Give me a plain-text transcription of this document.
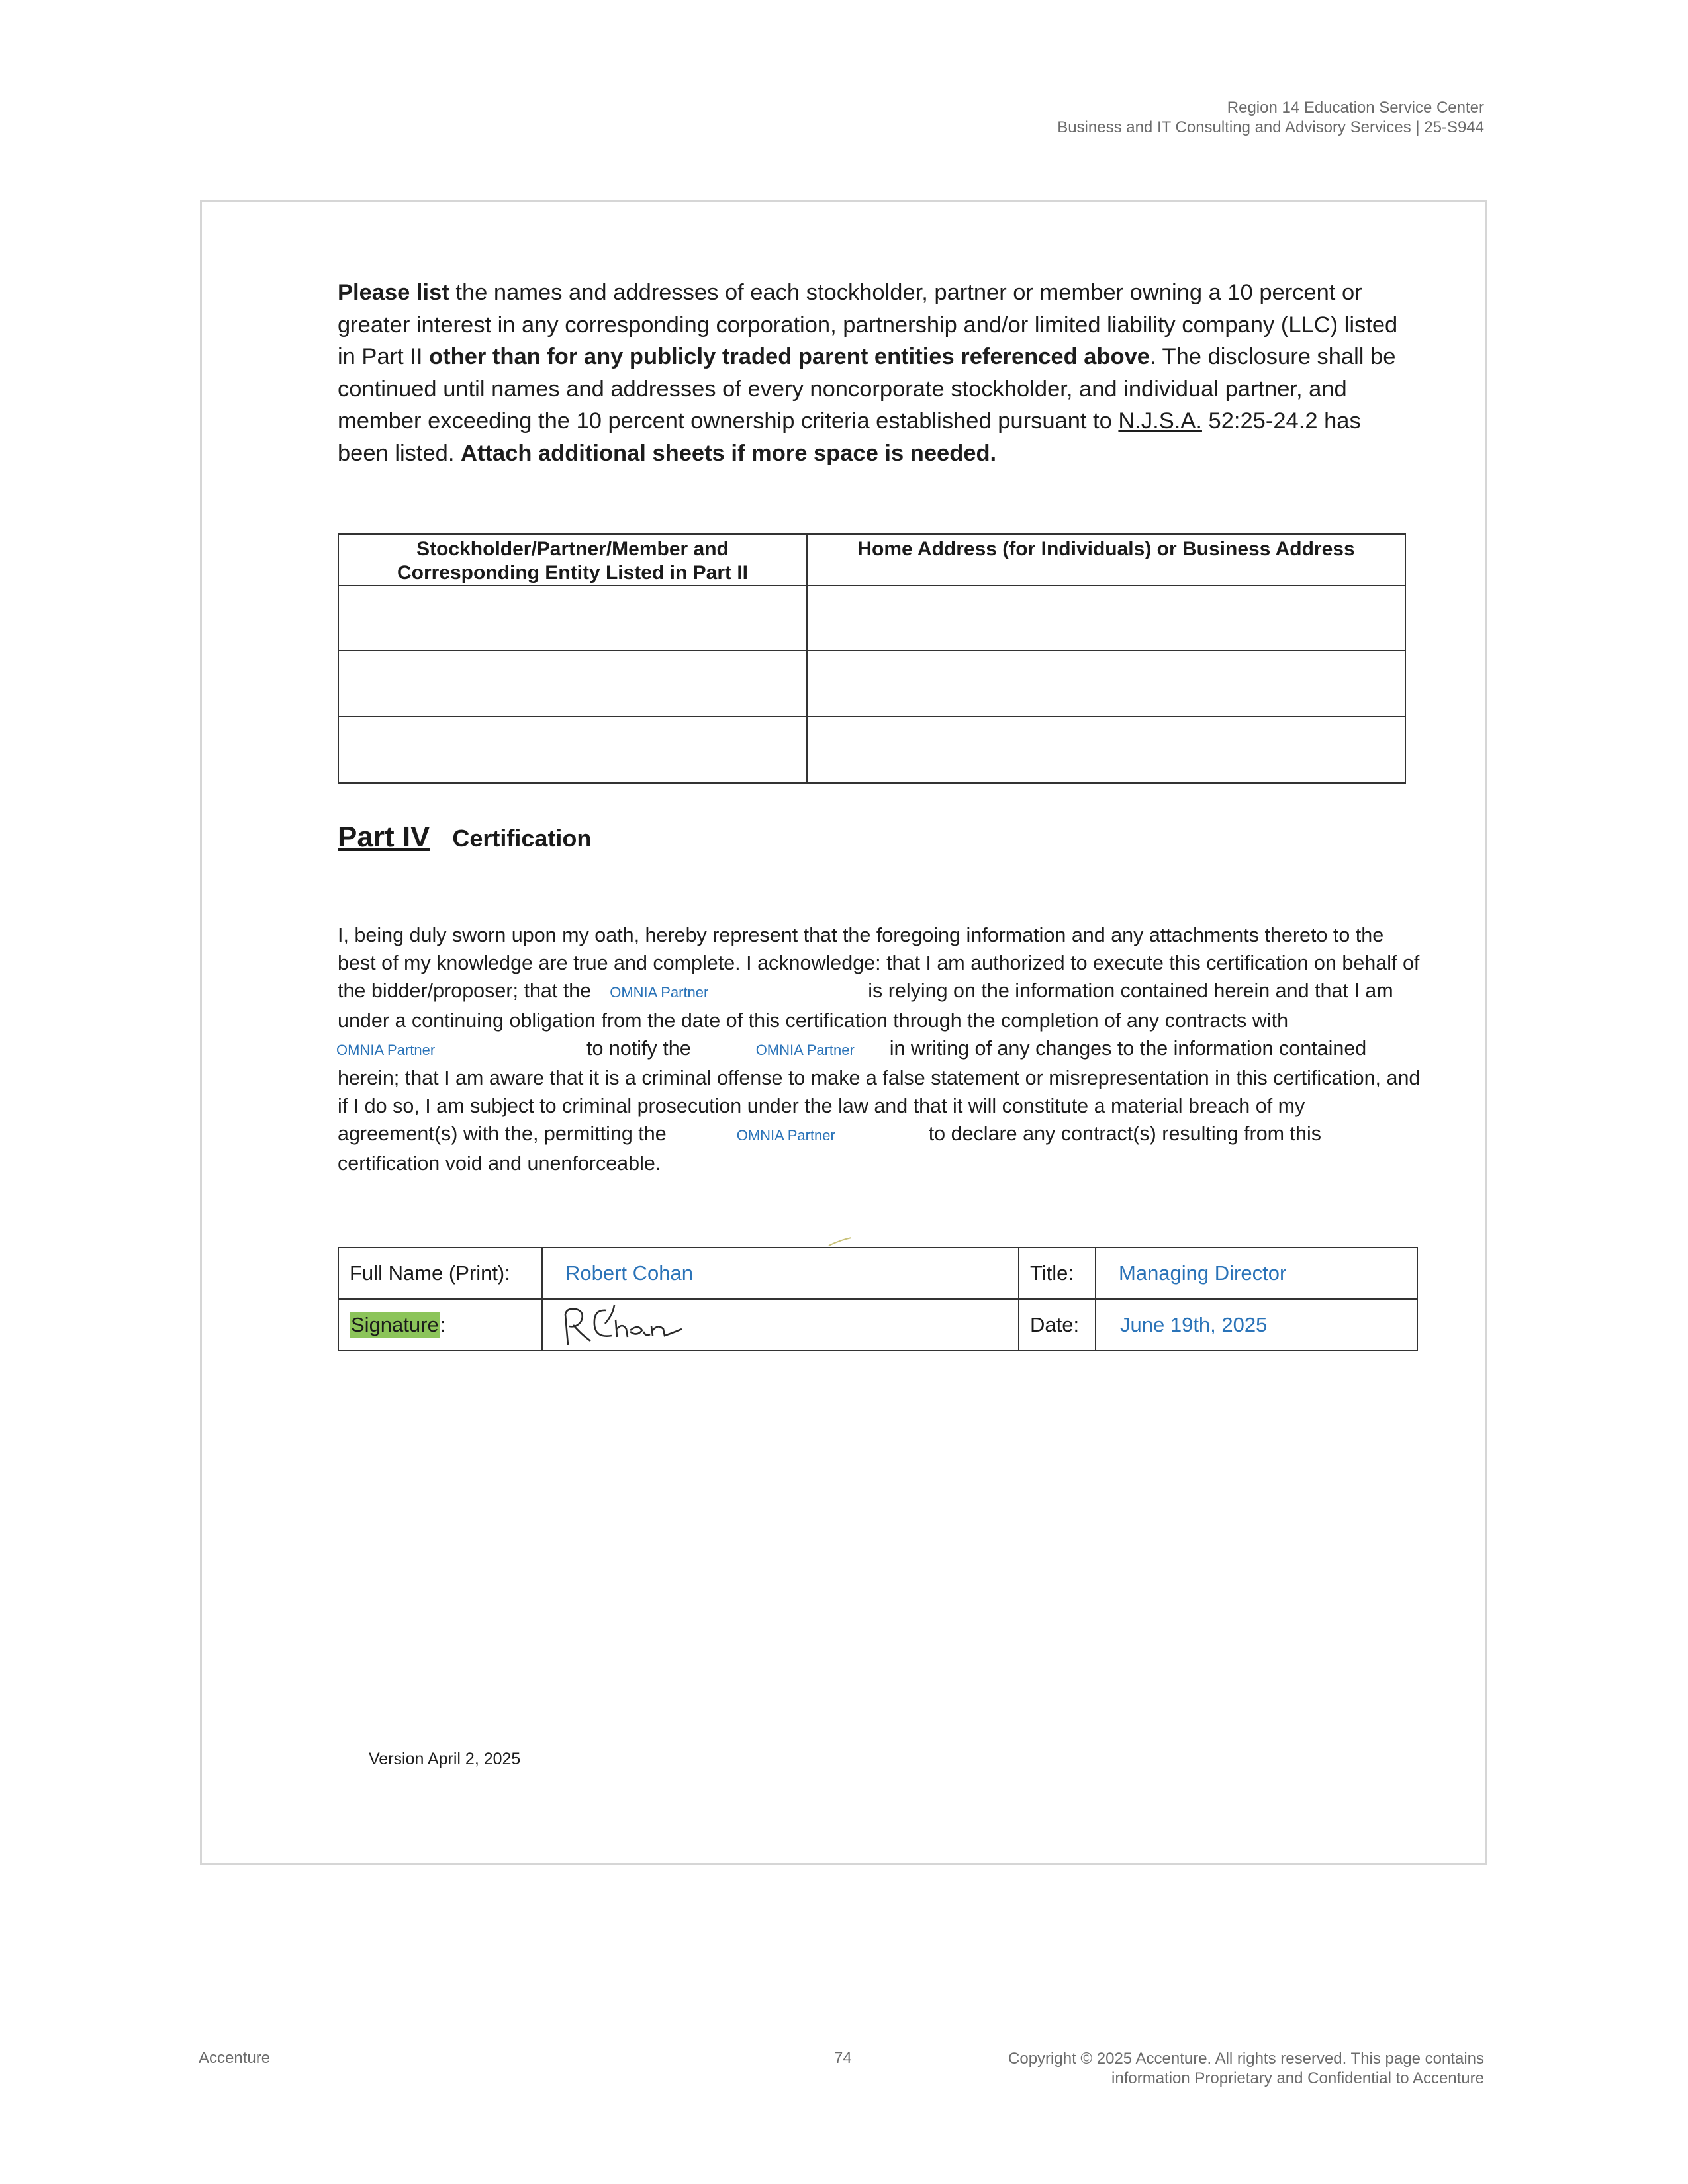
Region 14 Education Service Center
Business and IT Consulting and Advisory Services | 25-S944
Please list the names and addresses of each stockholder, partner or member owning a 10 percent or greater interest in any corresponding corporation, partnership and/or limited liability company (LLC) listed in Part II other than for any publicly traded parent entities referenced above. The disclosure shall be continued until names and addresses of every noncorporate stockholder, and individual partner, and member exceeding the 10 percent ownership criteria established pursuant to N.J.S.A. 52:25-24.2 has been listed. Attach additional sheets if more space is needed.
Stockholder/Partner/Member and
Corresponding Entity Listed in Part II	Home Address (for Individuals) or Business Address

Part IV Certification
I, being duly sworn upon my oath, hereby represent that the foregoing information and any attachments thereto to the best of my knowledge are true and complete. I acknowledge: that I am authorized to execute this certification on behalf of the bidder/proposer; that the OMNIA Partner	is relying on the information contained herein and that I am under a continuing obligation from the date of this certification through the completion of any contracts with
OMNIA Partner	to notify the	OMNIA Partner in writing of any changes to the information contained herein; that I am aware that it is a criminal offense to make a false statement or misrepresentation in this certification, and if I do so, I am subject to criminal prosecution under the law and that it will constitute a material breach of my agreement(s) with the, permitting the	OMNIA Partner	to declare any contract(s) resulting from this certification void and unenforceable.
Full Name (Print):	Robert Cohan	Title:	Managing Director
Signature:		Date:	June 19th, 2025
Version April 2, 2025
Accenture	74	Copyright © 2025 Accenture. All rights reserved. This page contains
information Proprietary and Confidential to Accenture
